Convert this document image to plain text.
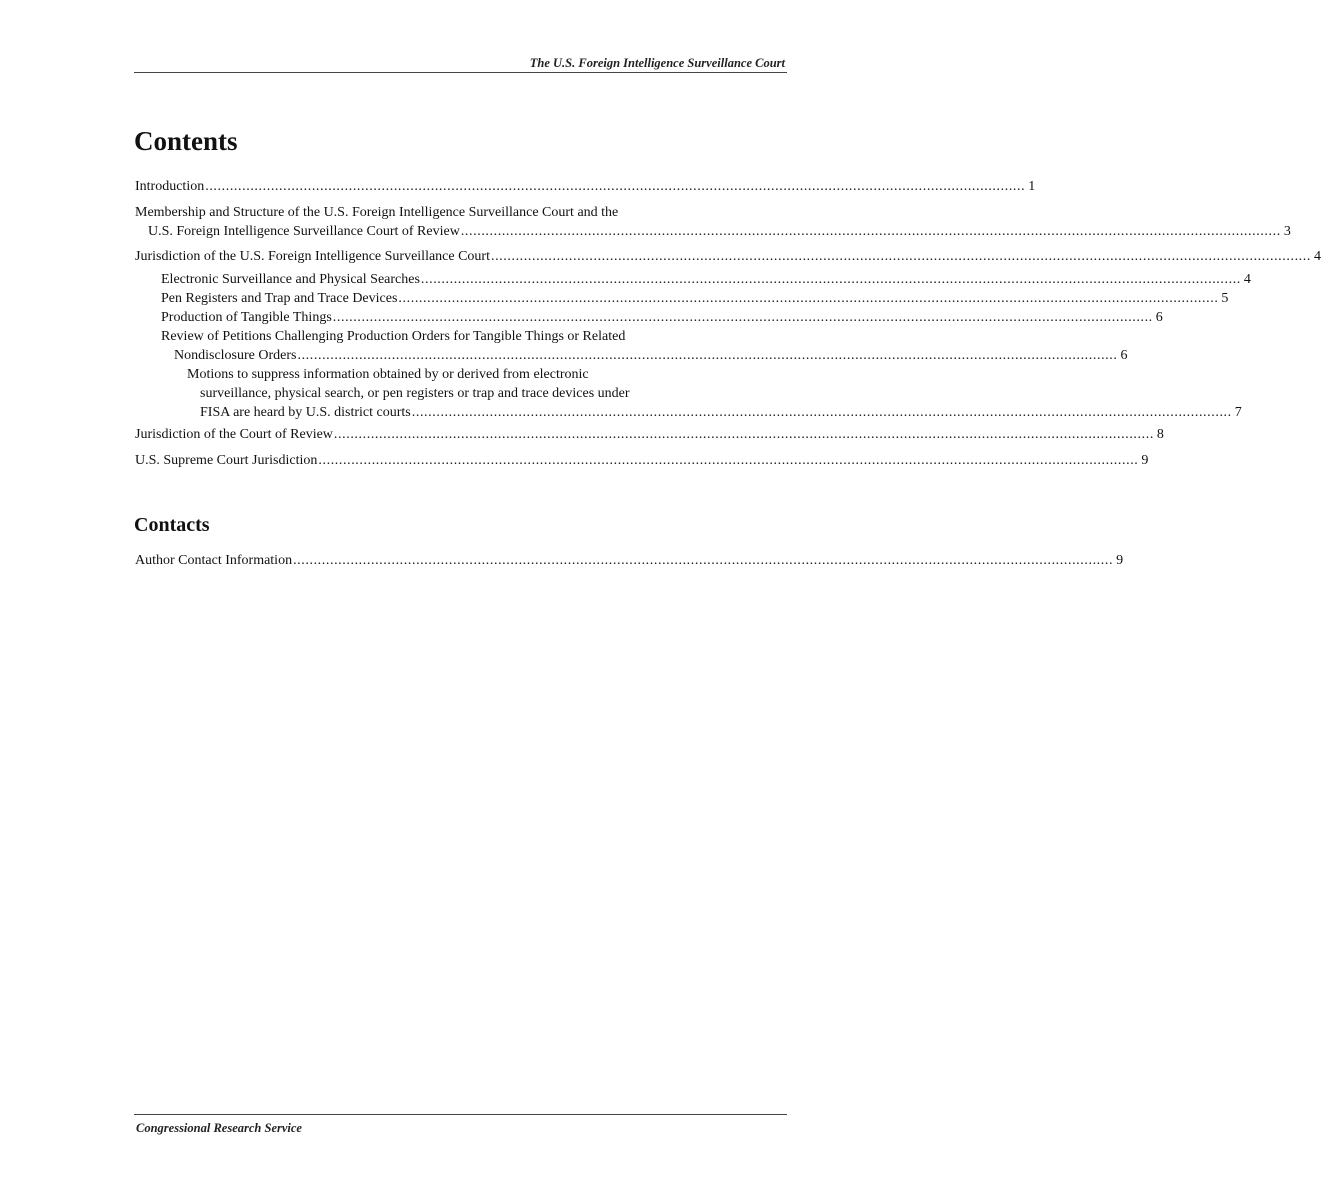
The U.S. Foreign Intelligence Surveillance Court
Contents
Introduction ........................................................................................................................................................................................................ 1
Membership and Structure of the U.S. Foreign Intelligence Surveillance Court and the
U.S. Foreign Intelligence Surveillance Court of Review ........................................................................................................................................................................................................ 3
Jurisdiction of the U.S. Foreign Intelligence Surveillance Court ........................................................................................................................................................................................................ 4
Electronic Surveillance and Physical Searches ........................................................................................................................................................................................................ 4
Pen Registers and Trap and Trace Devices ........................................................................................................................................................................................................ 5
Production of Tangible Things ........................................................................................................................................................................................................ 6
Review of Petitions Challenging Production Orders for Tangible Things or Related
Nondisclosure Orders ........................................................................................................................................................................................................ 6
Motions to suppress information obtained by or derived from electronic
surveillance, physical search, or pen registers or trap and trace devices under
FISA are heard by U.S. district courts ........................................................................................................................................................................................................ 7
Jurisdiction of the Court of Review ........................................................................................................................................................................................................ 8
U.S. Supreme Court Jurisdiction ........................................................................................................................................................................................................ 9
Contacts
Author Contact Information ........................................................................................................................................................................................................ 9
Congressional Research Service
